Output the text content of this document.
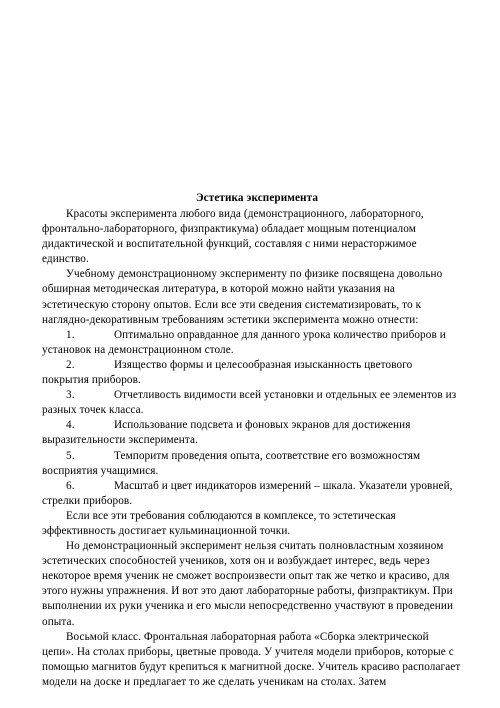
Эстетика эксперимента

Красоты эксперимента любого вида (демонстрационного, лабораторного, фронтально-лабораторного, физпрактикума) обладает мощным потенциалом дидактической и воспитательной функций, составляя с ними нерасторжимое единство.

Учебному демонстрационному эксперименту по физике посвящена довольно обширная методическая литература, в которой можно найти указания на эстетическую сторону опытов. Если все эти сведения систематизировать, то к наглядно-декоративным требованиям эстетики эксперимента можно отнести:

1.	Оптимально оправданное для данного урока количество приборов и установок на демонстрационном столе.
2.	Изящество формы и целесообразная изысканность цветового покрытия приборов.
3.	Отчетливость видимости всей установки и отдельных ее элементов из разных точек класса.
4.	Использование подсвета и фоновых экранов для достижения выразительности эксперимента.
5.	Темпоритм проведения опыта, соответствие его возможностям восприятия учащимися.
6.	Масштаб и цвет индикаторов измерений – шкала. Указатели уровней, стрелки приборов.

Если все эти требования соблюдаются в комплексе, то эстетическая эффективность достигает кульминационной точки.

Но демонстрационный эксперимент нельзя считать полновластным хозяином эстетических способностей учеников, хотя он и возбуждает интерес, ведь через некоторое время ученик не сможет воспроизвести опыт так же четко и красиво, для этого нужны упражнения. И вот это дают лабораторные работы, физпрактикум. При выполнении их руки ученика и его мысли непосредственно участвуют в проведении опыта.

Восьмой класс. Фронтальная лабораторная работа «Сборка электрической цепи». На столах приборы, цветные провода. У учителя модели приборов, которые с помощью магнитов будут крепиться к магнитной доске. Учитель красиво располагает модели на доске и предлагает то же сделать ученикам на столах. Затем
